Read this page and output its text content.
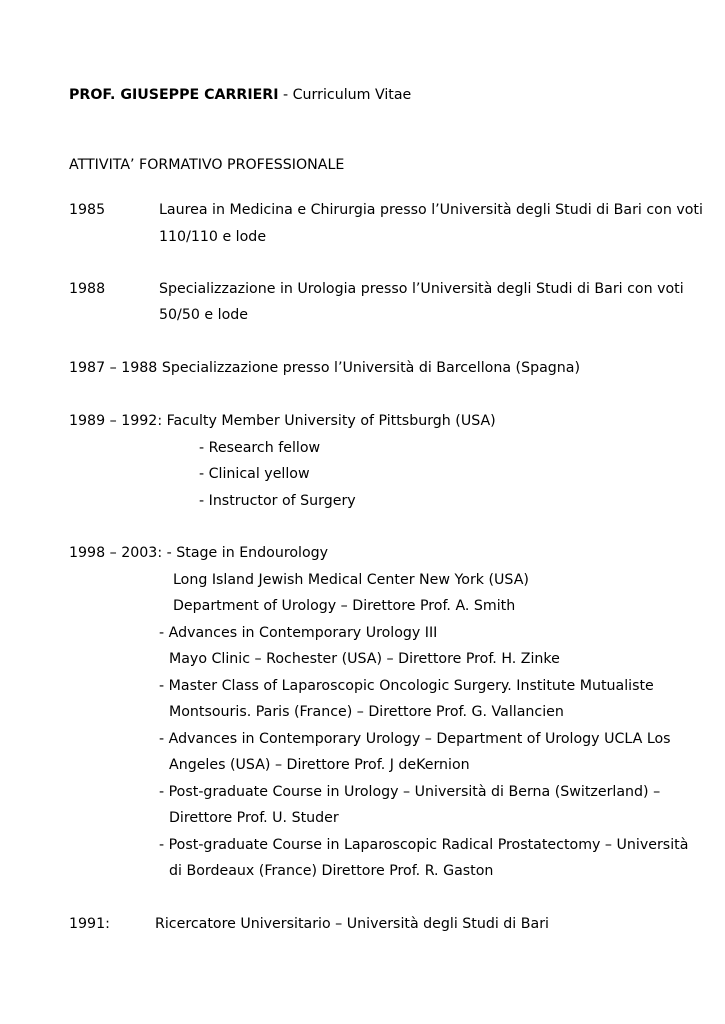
PROF. GIUSEPPE CARRIERI - Curriculum Vitae
ATTIVITA’ FORMATIVO PROFESSIONALE
1985	Laurea in Medicina e Chirurgia presso l’Università degli Studi di Bari con voti
110/110 e lode
1988	Specializzazione in Urologia presso l’Università degli Studi di Bari con voti
50/50 e lode
1987 – 1988 Specializzazione presso l’Università di Barcellona (Spagna)
1989 – 1992: Faculty Member University of Pittsburgh (USA)
- Research fellow
- Clinical yellow
- Instructor of Surgery
1998 – 2003: - Stage in Endourology
Long Island Jewish Medical Center New York (USA)
Department of Urology – Direttore Prof. A. Smith
- Advances in Contemporary Urology III
Mayo Clinic – Rochester (USA) – Direttore Prof. H. Zinke
- Master Class of Laparoscopic Oncologic Surgery. Institute Mutualiste
Montsouris. Paris (France) – Direttore Prof. G. Vallancien
- Advances in Contemporary Urology – Department of Urology UCLA Los
Angeles (USA) – Direttore Prof. J deKernion
- Post-graduate Course in Urology – Università di Berna (Switzerland) –
Direttore Prof. U. Studer
- Post-graduate Course in Laparoscopic Radical Prostatectomy – Università
di Bordeaux (France) Direttore Prof. R. Gaston
1991:	Ricercatore Universitario – Università degli Studi di Bari
